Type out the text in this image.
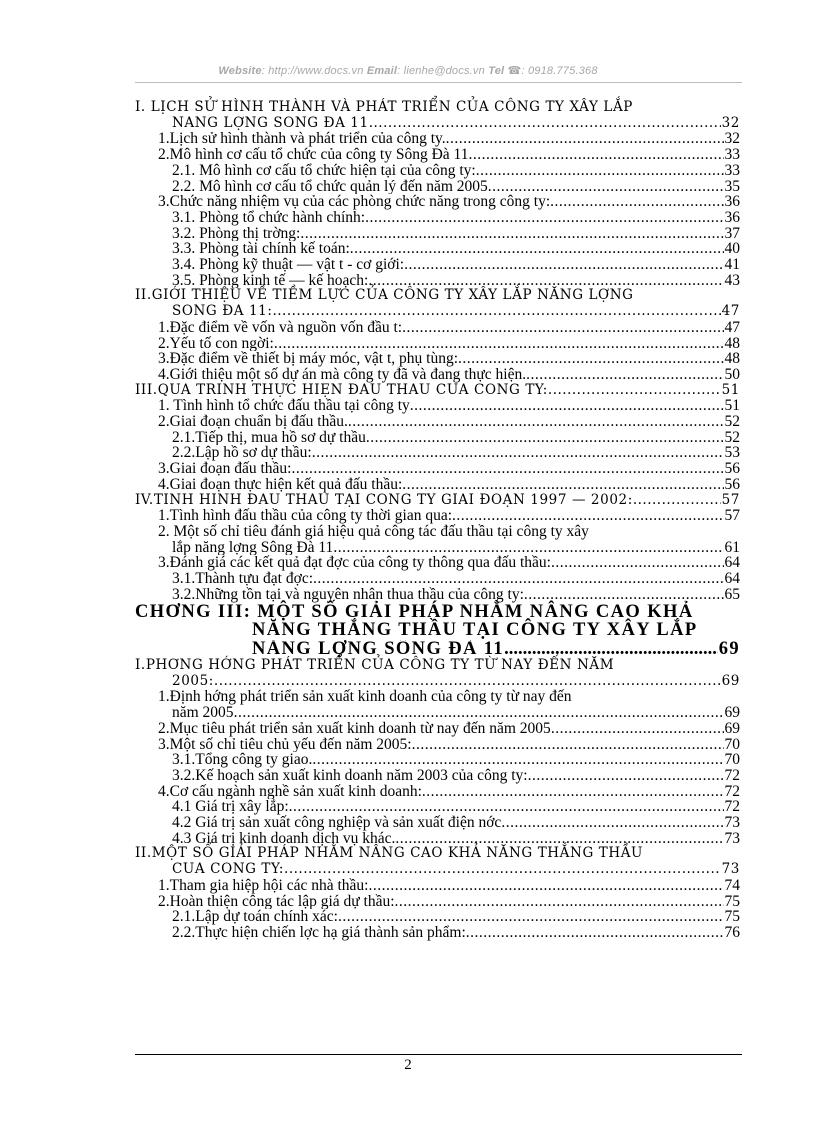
Website: http://www.docs.vn Email: lienhe@docs.vn Tel ☎: 0918.775.368
I. LỊCH SỬ HÌNH THÀNH VÀ PHÁT TRIỂN CỦA CÔNG TY XÂY LẮP
NĂNG LỢNG SÔNG ĐÀ 11 .....	32
1.Lịch sử hình thành và phát triển của công ty. .....	32
2.Mô hình cơ cấu tổ chức của công ty Sông Đà 11 .....	33
2.1. Mô hình cơ cấu tổ chức hiện tại của công ty: .....	33
2.2. Mô hình cơ cấu tổ chức quản lý đến năm 2005 .....	35
3.Chức năng nhiệm vụ của các phòng chức năng trong công ty: .....	36
3.1. Phòng tổ chức hành chính: .....	36
3.2. Phòng thị trờng: .....	37
3.3. Phòng tài chính kế toán: .....	40
3.4. Phòng kỹ thuật — vật t - cơ giới: .....	41
3.5. Phòng kinh tế — kế hoạch: .....	43
II.GIỚI THIỆU VỀ TIỀM LỰC CỦA CÔNG TY XÂY LẮP NĂNG LỢNG
SÔNG ĐÀ 11: .....	47
1.Đặc điểm về vốn và nguồn vốn đầu t: .....	47
2.Yếu tố con ngời: .....	48
3.Đặc điểm về thiết bị máy móc, vật t, phụ tùng: .....	48
4.Giới thiệu một số dự án mà công ty đã và đang thực hiện. .....	50
III.QUÁ TRÌNH THỰC HIỆN ĐẤU THẦU CỦA CÔNG TY: .....	51
1. Tình hình tổ chức đấu thầu tại công ty .....	51
2.Giai đoạn chuẩn bị đấu thầu. .....	52
2.1.Tiếp thị, mua hồ sơ dự thầu .....	52
2.2.Lập hồ sơ dự thầu: .....	53
3.Giai đoạn đấu thầu: .....	56
4.Giai đoạn thực hiện kết quả đấu thầu: .....	56
IV.TÌNH HÌNH ĐẤU THẦU TẠI CÔNG TY GIAI ĐOẠN 1997 — 2002: .....	57
1.Tình hình đấu thầu của công ty thời gian qua: .....	57
2. Một số chỉ tiêu đánh giá hiệu quả công tác đấu thầu tại công ty xây
lắp năng lợng Sông Đà 11 .....	61
3.Đánh giá các kết quả đạt đợc của công ty thông qua đấu thầu: .....	64
3.1.Thành tựu đạt đợc: .....	64
3.2.Những tồn tại và nguyên nhân thua thầu của công ty: .....	65
CHƠNG III: MỘT SỐ GIẢI PHÁP NHẰM NÂNG CAO KHẢ
NĂNG THẮNG THẦU TẠI CÔNG TY XÂY LẮP
NĂNG LỢNG SÔNG ĐÀ 11 .....	69
I.PHƠNG HỚNG PHÁT TRIỂN CỦA CÔNG TY TỪ NAY ĐẾN NĂM
2005: .....	69
1.Định hớng phát triển sản xuất kinh doanh của công ty từ nay đến
năm 2005 .....	69
2.Mục tiêu phát triển sản xuất kinh doanh từ nay đến năm 2005 .....	69
3.Một số chỉ tiêu chủ yếu đến năm 2005: .....	70
3.1.Tổng công ty giao. .....	70
3.2.Kế hoạch sản xuất kinh doanh năm 2003 của công ty: .....	72
4.Cơ cấu ngành nghề sản xuất kinh doanh: .....	72
4.1 Giá trị xây lắp: .....	72
4.2 Giá trị sản xuất công nghiệp và sản xuất điện nớc .....	73
4.3 Giá trị kinh doanh dịch vụ khác. .....	73
II.MỘT SỐ GIẢI PHÁP NHẰM NÂNG CAO KHẢ NĂNG THẮNG THẦU
CỦA CÔNG TY: .....	73
1.Tham gia hiệp hội các nhà thầu: .....	74
2.Hoàn thiện công tác lập giá dự thầu: .....	75
2.1.Lập dự toán chính xác: .....	75
2.2.Thực hiện chiến lợc hạ giá thành sản phẩm: .....	76
2
